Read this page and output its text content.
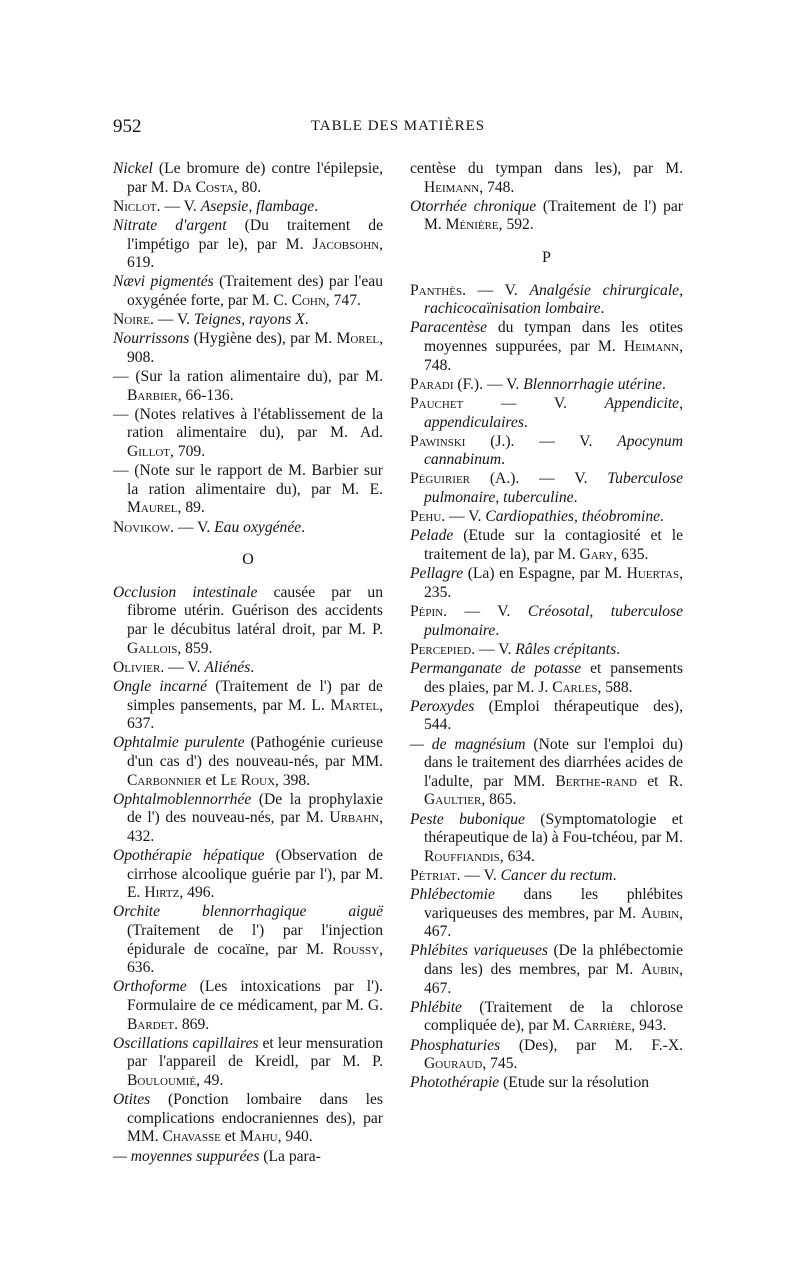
952	TABLE DES MATIÈRES

Nickel (Le bromure de) contre l'épilepsie, par M. Da Costa, 80.

Niclot. — V. Asepsie, flambage.

Nitrate d'argent (Du traitement de l'impétigo par le), par M. Jacobsohn, 619.

Nævi pigmentés (Traitement des) par l'eau oxygénée forte, par M. C. Cohn, 747.

Noire. — V. Teignes, rayons X.

Nourrissons (Hygiène des), par M. Morel, 908.

— (Sur la ration alimentaire du), par M. Barbier, 66-136.

— (Notes relatives à l'établissement de la ration alimentaire du), par M. Ad. Gillot, 709.

— (Note sur le rapport de M. Barbier sur la ration alimentaire du), par M. E. Maurel, 89.

Novikow. — V. Eau oxygénée.

O

Occlusion intestinale causée par un fibrome utérin. Guérison des accidents par le décubitus latéral droit, par M. P. Gallois, 859.

Olivier. — V. Aliénés.

Ongle incarné (Traitement de l') par de simples pansements, par M. L. Martel, 637.

Ophtalmie purulente (Pathogénie curieuse d'un cas d') des nouveau-nés, par MM. Carbonnier et Le Roux, 398.

Ophtalmoblennorrhée (De la prophylaxie de l') des nouveau-nés, par M. Urbahn, 432.

Opothérapie hépatique (Observation de cirrhose alcoolique guérie par l'), par M. E. Hirtz, 496.

Orchite blennorrhagique aiguë (Traitement de l') par l'injection épidurale de cocaïne, par M. Roussy, 636.

Orthoforme (Les intoxications par l'). Formulaire de ce médicament, par M. G. Bardet. 869.

Oscillations capillaires et leur mensuration par l'appareil de Kreidl, par M. P. Bouloumié, 49.

Otites (Ponction lombaire dans les complications endocraniennes des), par MM. Chavasse et Mahu, 940.

— moyennes suppurées (La para-

centèse du tympan dans les), par M. Heimann, 748.

Otorrhée chronique (Traitement de l') par M. Ménière, 592.

P

Panthès. — V. Analgésie chirurgicale, rachicocaïnisation lombaire.

Paracentèse du tympan dans les otites moyennes suppurées, par M. Heimann, 748.

Paradi (F.). — V. Blennorrhagie utérine.

Pauchet — V. Appendicite, appendiculaires.

Pawinski (J.). — V. Apocynum cannabinum.

Péguirier (A.). — V. Tuberculose pulmonaire, tuberculine.

Pehu. — V. Cardiopathies, théobromine.

Pelade (Etude sur la contagiosité et le traitement de la), par M. Gary, 635.

Pellagre (La) en Espagne, par M. Huertas, 235.

Pépin. — V. Créosotal, tuberculose pulmonaire.

Percepied. — V. Râles crépitants.

Permanganate de potasse et pansements des plaies, par M. J. Carles, 588.

Peroxydes (Emploi thérapeutique des), 544.

— de magnésium (Note sur l'emploi du) dans le traitement des diarrhées acides de l'adulte, par MM. Berthe-rand et R. Gaultier, 865.

Peste bubonique (Symptomatologie et thérapeutique de la) à Fou-tchéou, par M. Rouffiandis, 634.

Pétriat. — V. Cancer du rectum.

Phlébectomie dans les phlébites variqueuses des membres, par M. Aubin, 467.

Phlébites variqueuses (De la phlébectomie dans les) des membres, par M. Aubin, 467.

Phlébite (Traitement de la chlorose compliquée de), par M. Carrière, 943.

Phosphaturies (Des), par M. F.-X. Gouraud, 745.

Photothérapie (Etude sur la résolution
